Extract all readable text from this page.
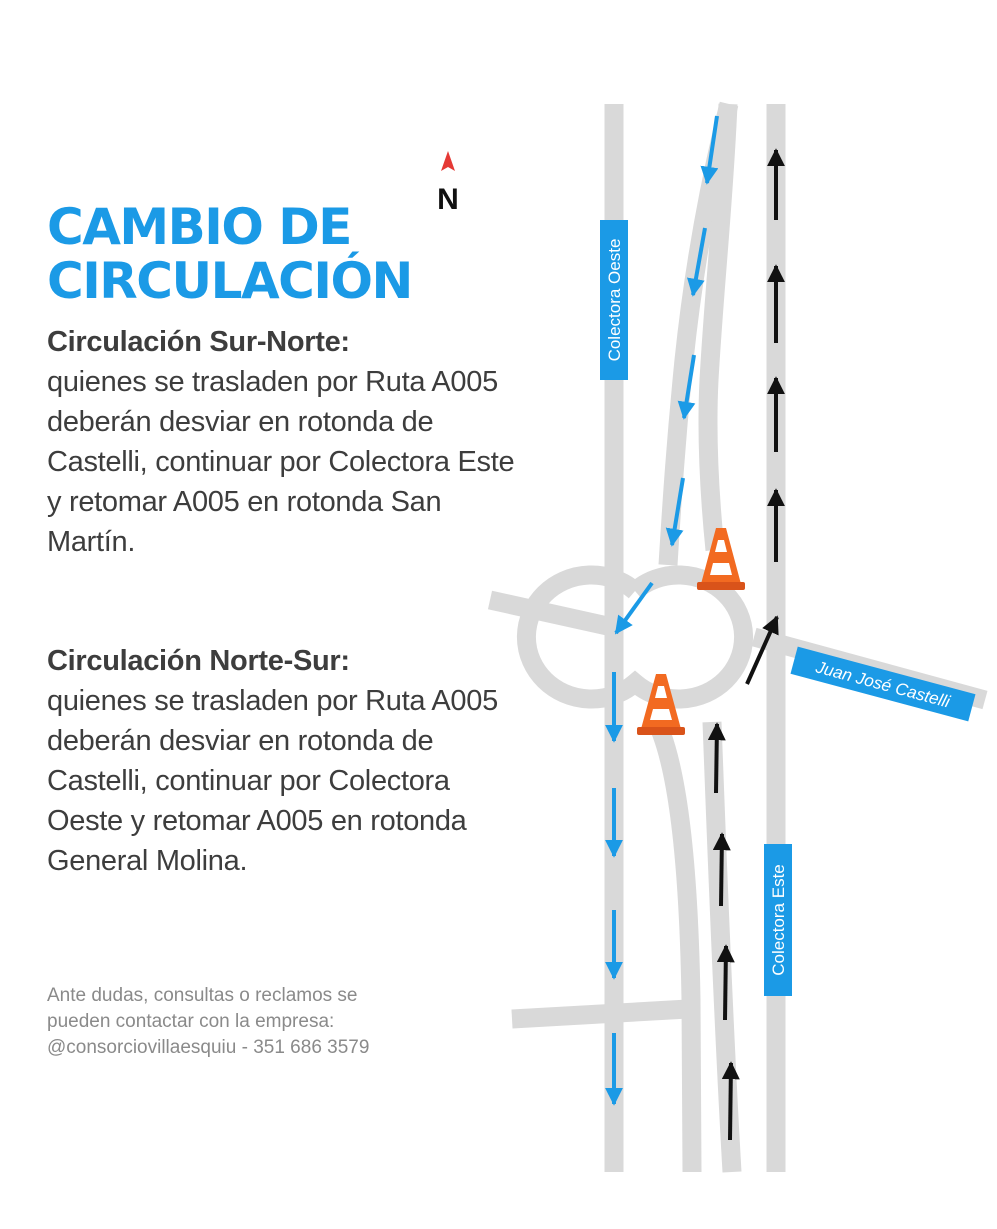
CAMBIO DE
CIRCULACIÓN
Circulación Sur-Norte:

quienes se trasladen por Ruta A005 deberán desviar en rotonda de Castelli, continuar por Colectora Este y retomar A005 en rotonda San Martín.

Circulación Norte-Sur:

quienes se trasladen por Ruta A005 deberán desviar en rotonda de Castelli, continuar por Colectora Oeste y retomar A005 en rotonda General Molina.

Ante dudas, consultas o reclamos se
pueden contactar con la empresa:
@consorciovillaesquiu - 351 686 3579

N
Colectora Oeste
Colectora Este
Juan José Castelli
